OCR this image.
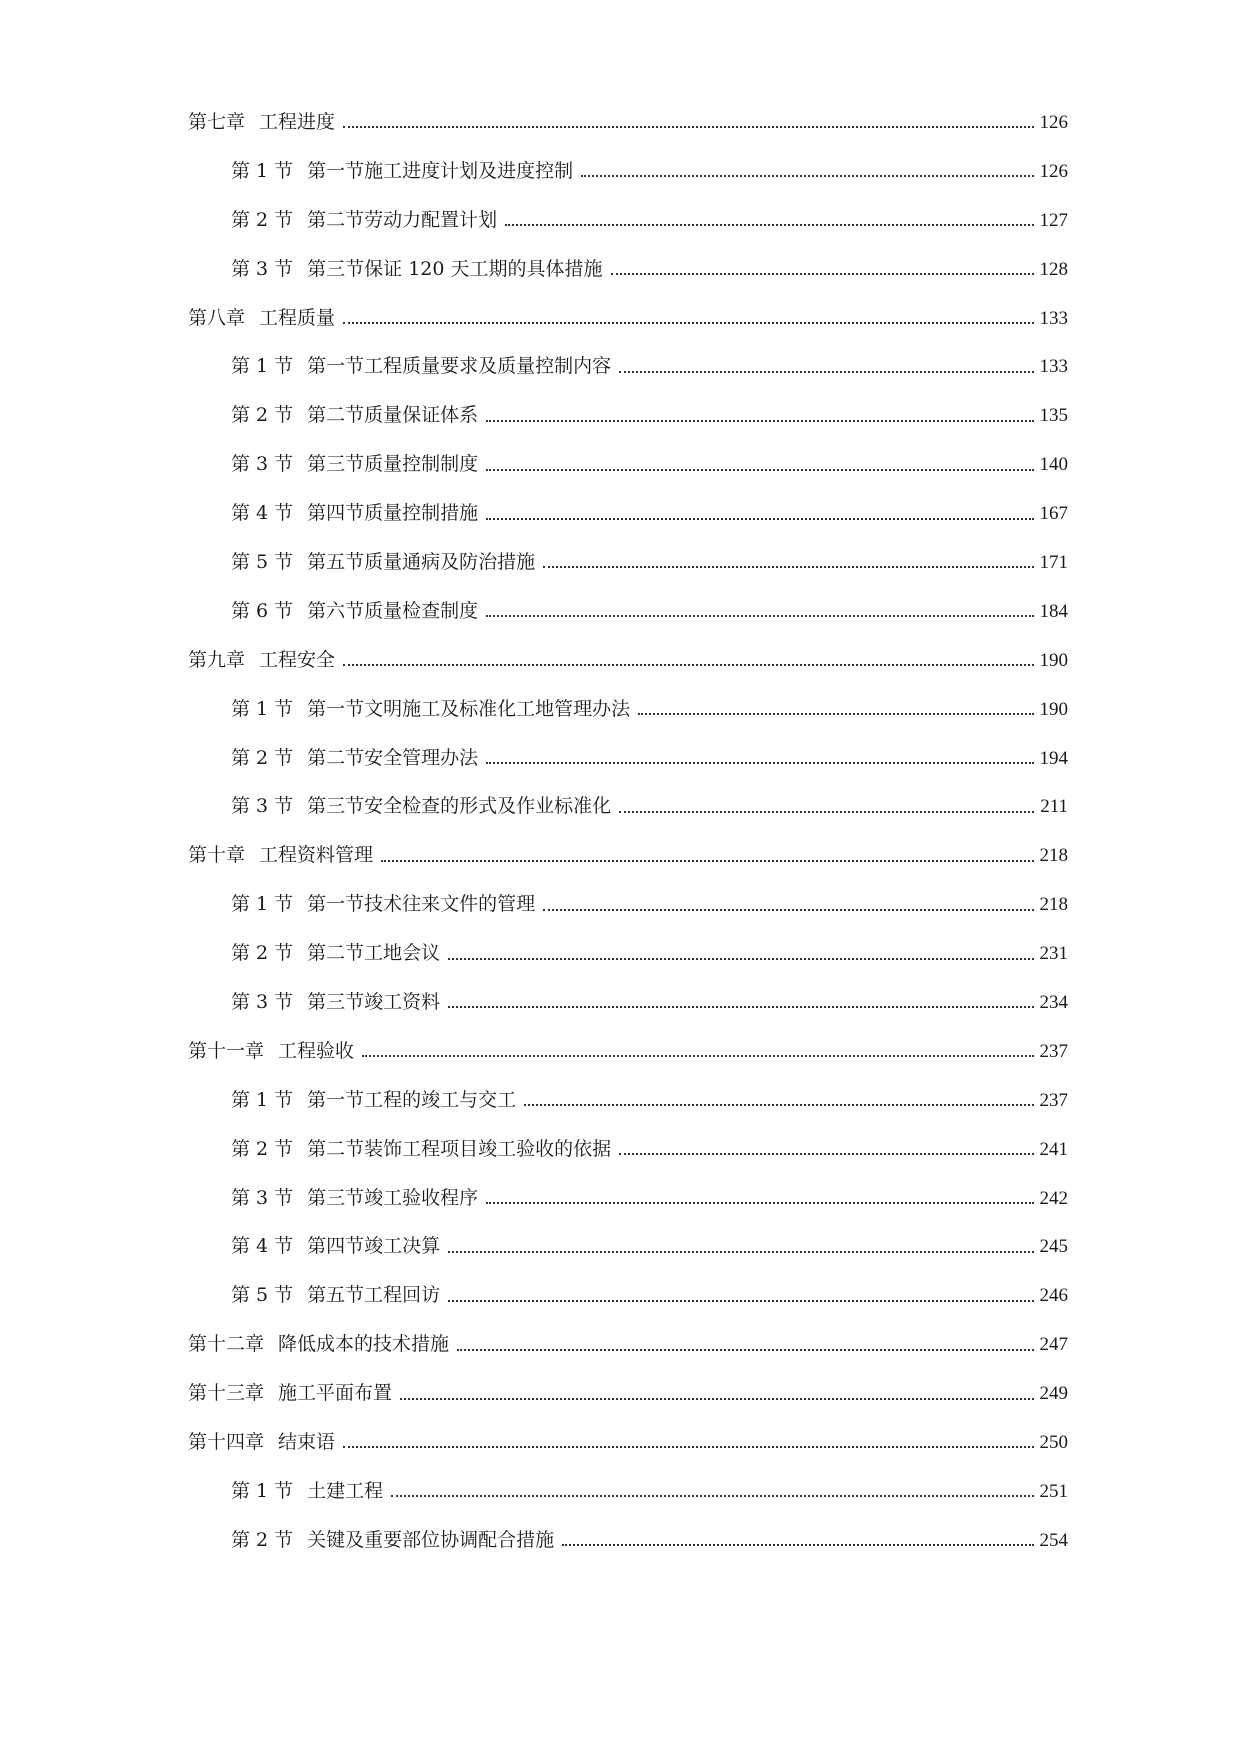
第七章 工程进度	126
第 1 节 第一节施工进度计划及进度控制	126
第 2 节 第二节劳动力配置计划	127
第 3 节 第三节保证 120 天工期的具体措施	128
第八章 工程质量	133
第 1 节 第一节工程质量要求及质量控制内容	133
第 2 节 第二节质量保证体系	135
第 3 节 第三节质量控制制度	140
第 4 节 第四节质量控制措施	167
第 5 节 第五节质量通病及防治措施	171
第 6 节 第六节质量检查制度	184
第九章 工程安全	190
第 1 节 第一节文明施工及标准化工地管理办法	190
第 2 节 第二节安全管理办法	194
第 3 节 第三节安全检查的形式及作业标准化	211
第十章 工程资料管理	218
第 1 节 第一节技术往来文件的管理	218
第 2 节 第二节工地会议	231
第 3 节 第三节竣工资料	234
第十一章 工程验收	237
第 1 节 第一节工程的竣工与交工	237
第 2 节 第二节装饰工程项目竣工验收的依据	241
第 3 节 第三节竣工验收程序	242
第 4 节 第四节竣工决算	245
第 5 节 第五节工程回访	246
第十二章 降低成本的技术措施	247
第十三章 施工平面布置	249
第十四章 结束语	250
第 1 节 土建工程	251
第 2 节 关键及重要部位协调配合措施	254
